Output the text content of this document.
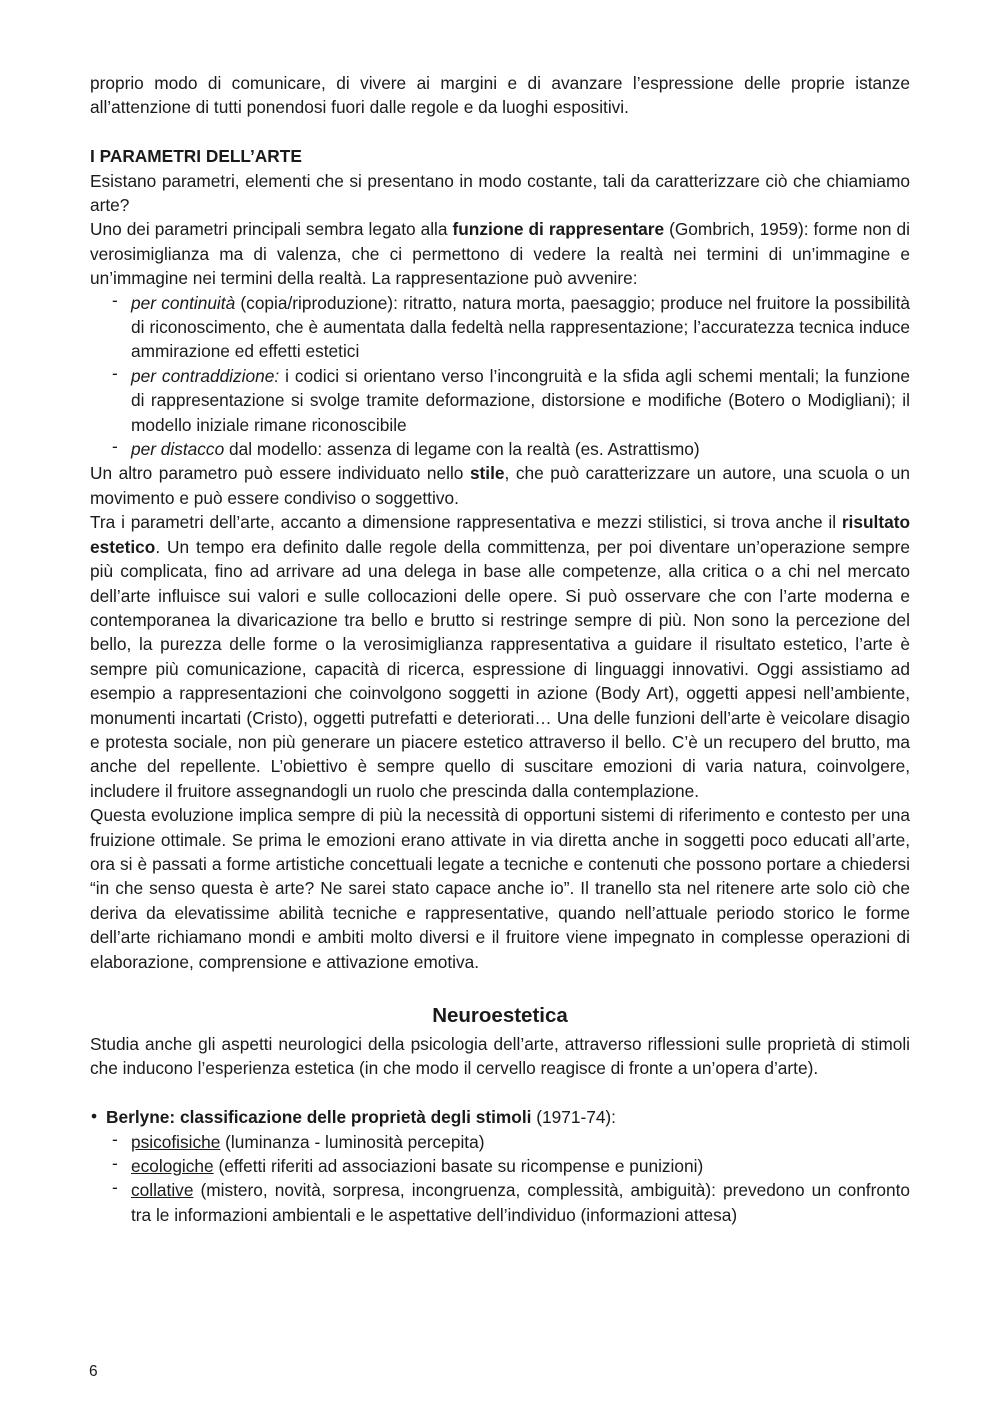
proprio modo di comunicare, di vivere ai margini e di avanzare l’espressione delle proprie istanze all’attenzione di tutti ponendosi fuori dalle regole e da luoghi espositivi.

I PARAMETRI DELL’ARTE

Esistano parametri, elementi che si presentano in modo costante, tali da caratterizzare ciò che chiamiamo arte?

Uno dei parametri principali sembra legato alla funzione di rappresentare (Gombrich, 1959): forme non di verosimiglianza ma di valenza, che ci permettono di vedere la realtà nei termini di un’immagine e un’immagine nei termini della realtà. La rappresentazione può avvenire:

- per continuità (copia/riproduzione): ritratto, natura morta, paesaggio; produce nel fruitore la possibilità di riconoscimento, che è aumentata dalla fedeltà nella rappresentazione; l’accuratezza tecnica induce ammirazione ed effetti estetici
- per contraddizione: i codici si orientano verso l’incongruità e la sfida agli schemi mentali; la funzione di rappresentazione si svolge tramite deformazione, distorsione e modifiche (Botero o Modigliani); il modello iniziale rimane riconoscibile
- per distacco dal modello: assenza di legame con la realtà (es. Astrattismo)

Un altro parametro può essere individuato nello stile, che può caratterizzare un autore, una scuola o un movimento e può essere condiviso o soggettivo.

Tra i parametri dell’arte, accanto a dimensione rappresentativa e mezzi stilistici, si trova anche il risultato estetico. Un tempo era definito dalle regole della committenza, per poi diventare un’operazione sempre più complicata, fino ad arrivare ad una delega in base alle competenze, alla critica o a chi nel mercato dell’arte influisce sui valori e sulle collocazioni delle opere. Si può osservare che con l’arte moderna e contemporanea la divaricazione tra bello e brutto si restringe sempre di più. Non sono la percezione del bello, la purezza delle forme o la verosimiglianza rappresentativa a guidare il risultato estetico, l’arte è sempre più comunicazione, capacità di ricerca, espressione di linguaggi innovativi. Oggi assistiamo ad esempio a rappresentazioni che coinvolgono soggetti in azione (Body Art), oggetti appesi nell’ambiente, monumenti incartati (Cristo), oggetti putrefatti e deteriorati… Una delle funzioni dell’arte è veicolare disagio e protesta sociale, non più generare un piacere estetico attraverso il bello. C’è un recupero del brutto, ma anche del repellente. L’obiettivo è sempre quello di suscitare emozioni di varia natura, coinvolgere, includere il fruitore assegnandogli un ruolo che prescinda dalla contemplazione.

Questa evoluzione implica sempre di più la necessità di opportuni sistemi di riferimento e contesto per una fruizione ottimale. Se prima le emozioni erano attivate in via diretta anche in soggetti poco educati all’arte, ora si è passati a forme artistiche concettuali legate a tecniche e contenuti che possono portare a chiedersi “in che senso questa è arte? Ne sarei stato capace anche io”. Il tranello sta nel ritenere arte solo ciò che deriva da elevatissime abilità tecniche e rappresentative, quando nell’attuale periodo storico le forme dell’arte richiamano mondi e ambiti molto diversi e il fruitore viene impegnato in complesse operazioni di elaborazione, comprensione e attivazione emotiva.

Neuroestetica

Studia anche gli aspetti neurologici della psicologia dell’arte, attraverso riflessioni sulle proprietà di stimoli che inducono l’esperienza estetica (in che modo il cervello reagisce di fronte a un’opera d’arte).

• Berlyne: classificazione delle proprietà degli stimoli (1971-74):

- psicofisiche (luminanza - luminosità percepita)
- ecologiche (effetti riferiti ad associazioni basate su ricompense e punizioni)
- collative (mistero, novità, sorpresa, incongruenza, complessità, ambiguità): prevedono un confronto tra le informazioni ambientali e le aspettative dell’individuo (informazioni attesa)
6
